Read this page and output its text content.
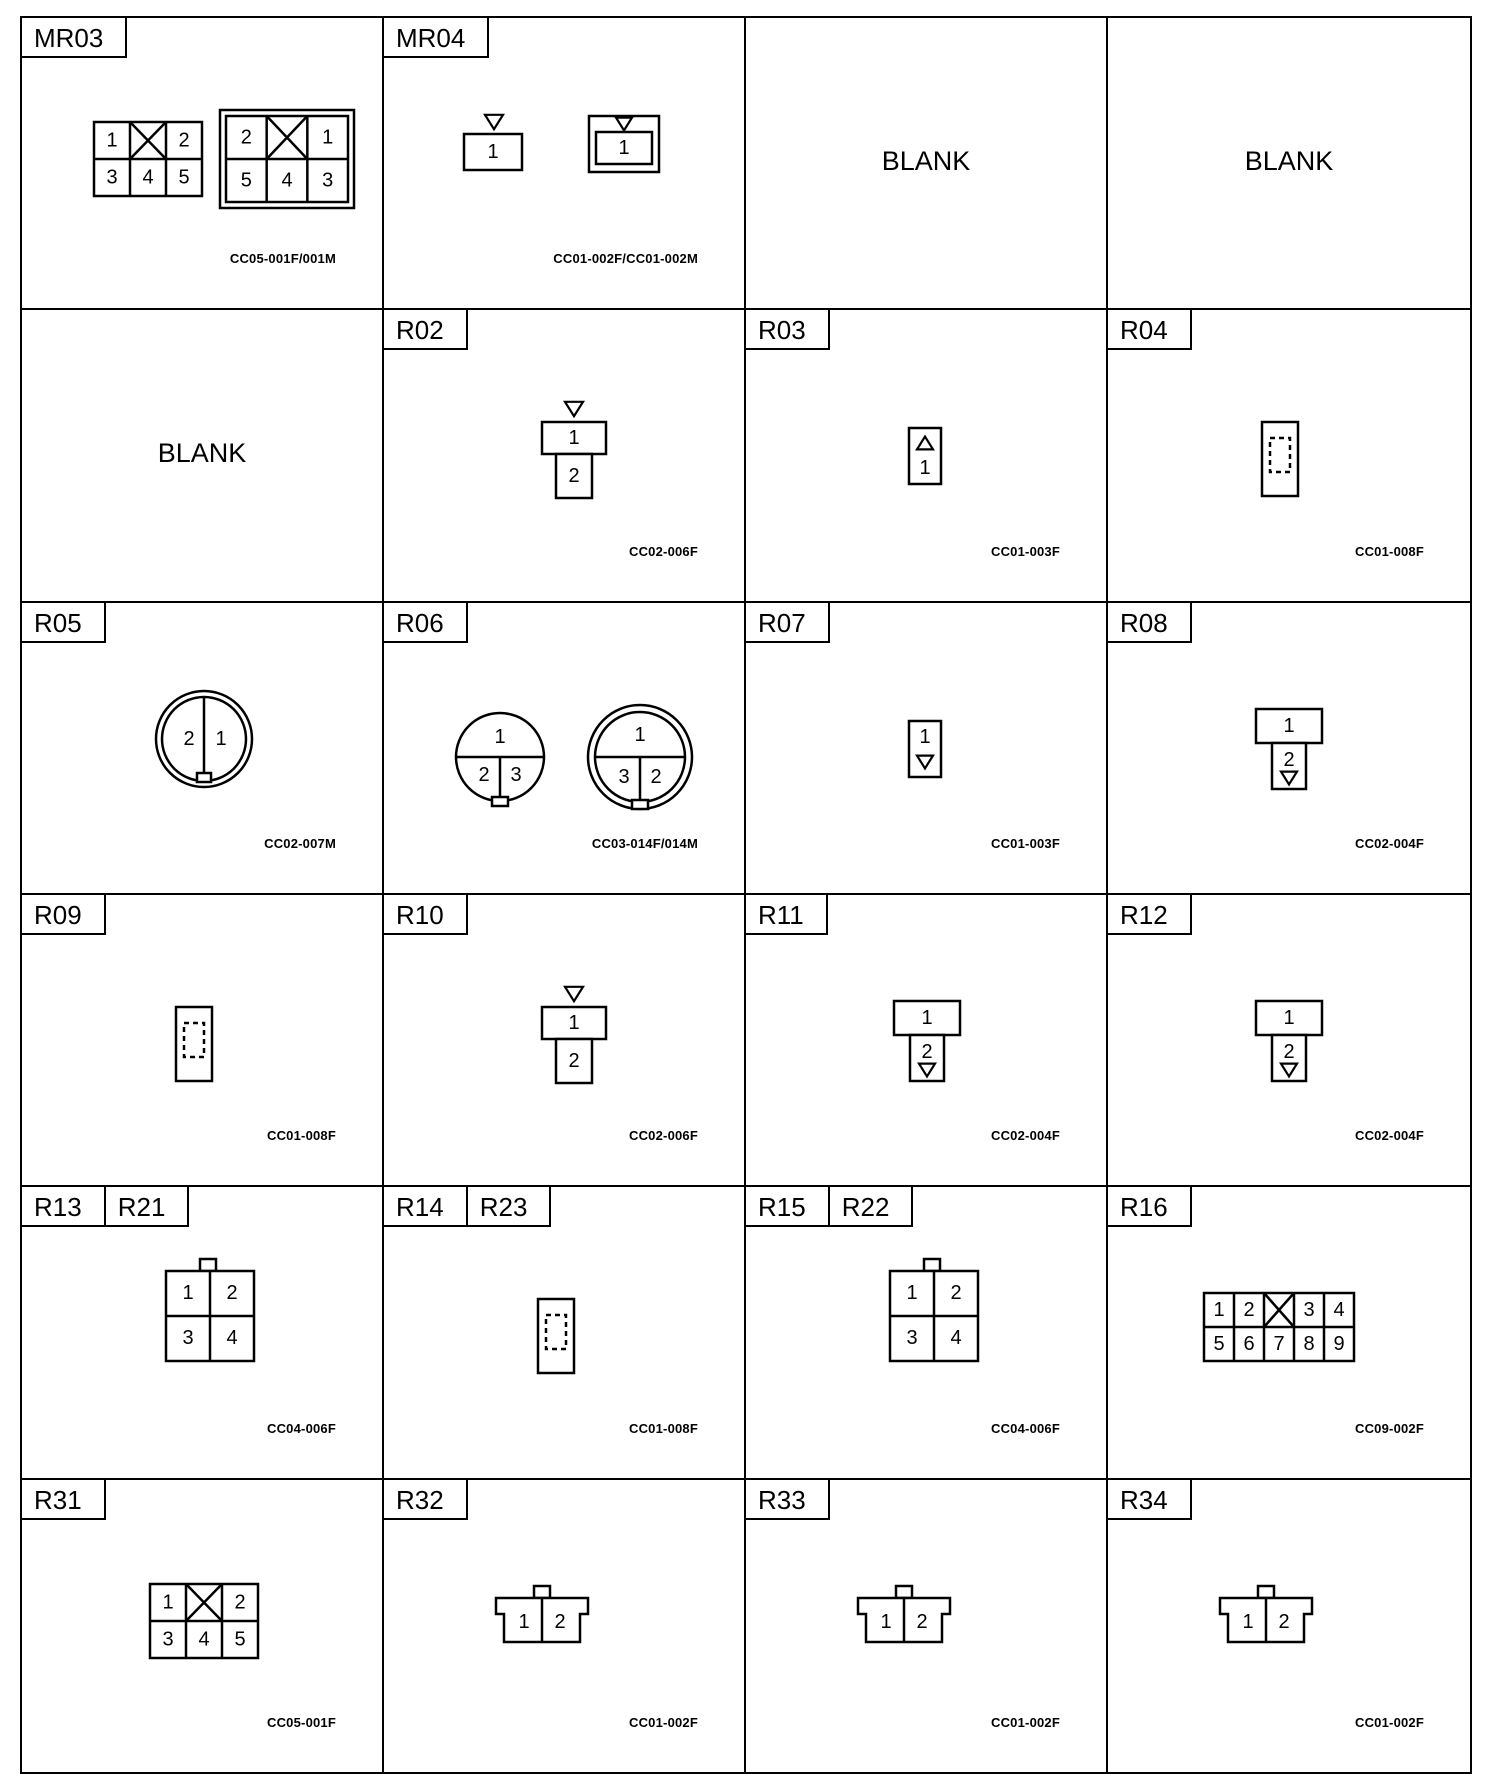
MR03
1	2
3 4 5
2	1
5 4 3
CC05-001F/001M
MR04
1	1
CC01-002F/CC01-002M
BLANK	BLANK
BLANK
R02
1
2
CC02-006F
R03
1
CC01-003F
R04
CC01-008F
R05
2 1
CC02-007M
R06
1
2 3
1
3 2
CC03-014F/014M
R07
1
CC01-003F
R08
1
2
CC02-004F
R09
CC01-008F
R10
1
2
CC02-006F
R11
1
2
CC02-004F
R12
1
2
CC02-004F
R13	R21
1 2
3 4
CC04-006F
R14	R23
CC01-008F
R15	R22
1 2
3 4
CC04-006F
R16
1 2 3 4
5 6 7 8 9
CC09-002F
R31
1	2
3 4 5
CC05-001F
R32
1 2
CC01-002F
R33
1 2
CC01-002F
R34
1 2
CC01-002F
